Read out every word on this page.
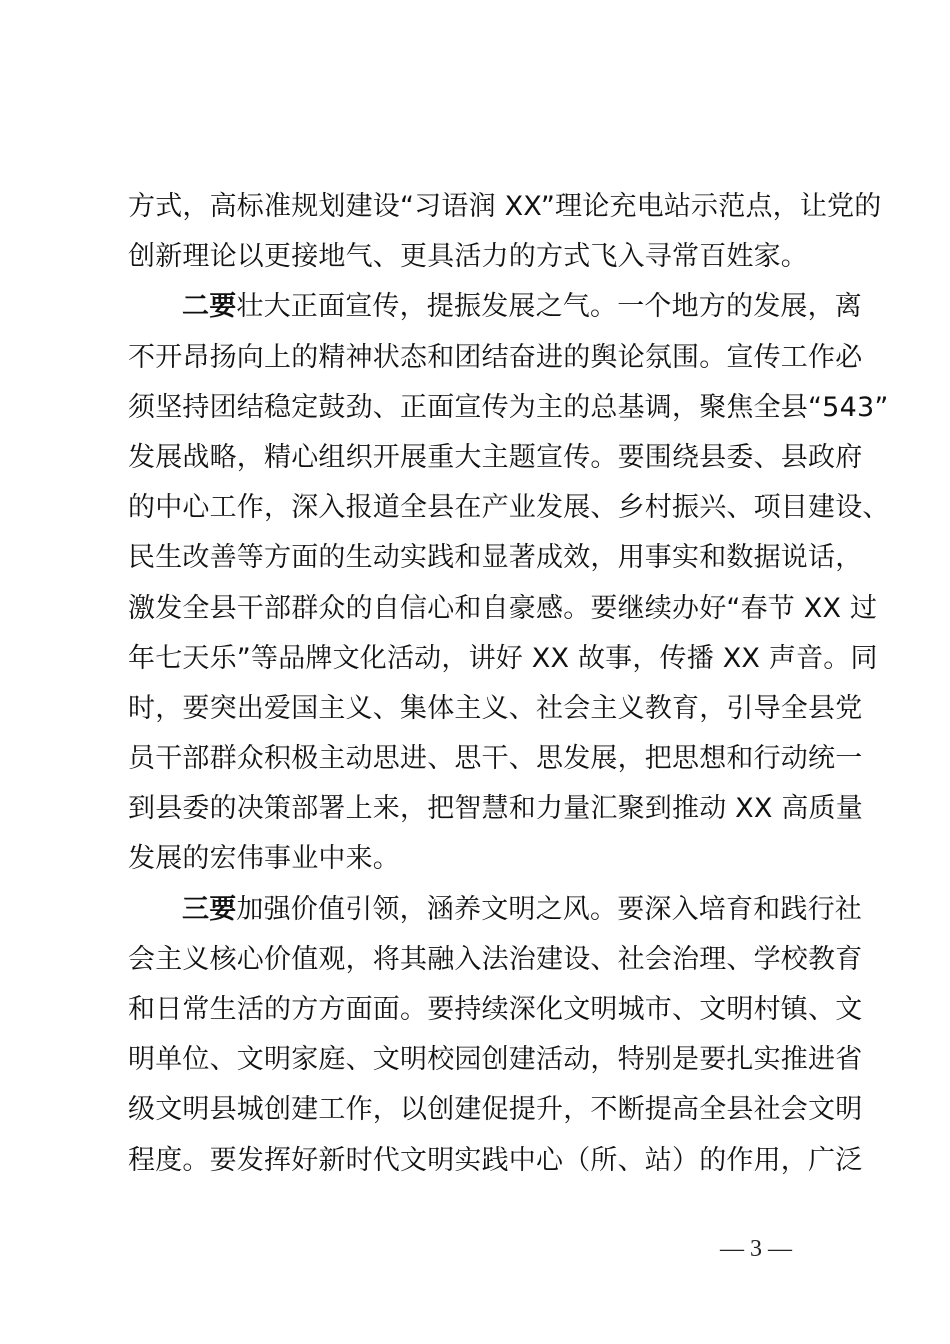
方式，高标准规划建设“习语润 XX”理论充电站示范点，让党的
创新理论以更接地气、更具活力的方式飞入寻常百姓家。
二要壮大正面宣传，提振发展之气。一个地方的发展，离
不开昂扬向上的精神状态和团结奋进的舆论氛围。宣传工作必
须坚持团结稳定鼓劲、正面宣传为主的总基调，聚焦全县“543”
发展战略，精心组织开展重大主题宣传。要围绕县委、县政府
的中心工作，深入报道全县在产业发展、乡村振兴、项目建设、
民生改善等方面的生动实践和显著成效，用事实和数据说话，
激发全县干部群众的自信心和自豪感。要继续办好“春节 XX 过
年七天乐”等品牌文化活动，讲好 XX 故事，传播 XX 声音。同
时，要突出爱国主义、集体主义、社会主义教育，引导全县党
员干部群众积极主动思进、思干、思发展，把思想和行动统一
到县委的决策部署上来，把智慧和力量汇聚到推动 XX 高质量
发展的宏伟事业中来。
三要加强价值引领，涵养文明之风。要深入培育和践行社
会主义核心价值观，将其融入法治建设、社会治理、学校教育
和日常生活的方方面面。要持续深化文明城市、文明村镇、文
明单位、文明家庭、文明校园创建活动，特别是要扎实推进省
级文明县城创建工作，以创建促提升，不断提高全县社会文明
程度。要发挥好新时代文明实践中心（所、站）的作用，广泛
— 3 —
